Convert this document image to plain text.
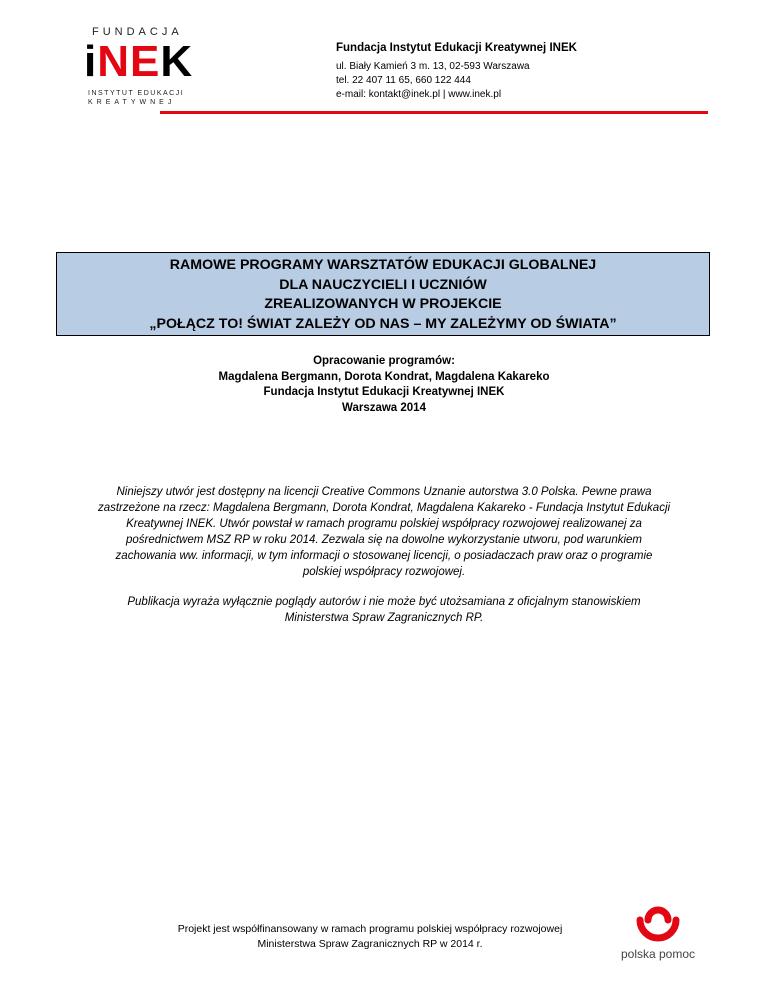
FUNDACJA
iNEK
INSTYTUT EDUKACJI
KREATYWNEJ
Fundacja Instytut Edukacji Kreatywnej INEK
ul. Biały Kamień 3 m. 13, 02-593 Warszawa
tel. 22 407 11 65, 660 122 444
e-mail: kontakt@inek.pl | www.inek.pl
RAMOWE PROGRAMY WARSZTATÓW EDUKACJI GLOBALNEJ
DLA NAUCZYCIELI I UCZNIÓW
ZREALIZOWANYCH W PROJEKCIE
„POŁĄCZ TO! ŚWIAT ZALEŻY OD NAS – MY ZALEŻYMY OD ŚWIATA”
Opracowanie programów:
Magdalena Bergmann, Dorota Kondrat, Magdalena Kakareko
Fundacja Instytut Edukacji Kreatywnej INEK
Warszawa 2014

Niniejszy utwór jest dostępny na licencji Creative Commons Uznanie autorstwa 3.0 Polska. Pewne prawa
zastrzeżone na rzecz: Magdalena Bergmann, Dorota Kondrat, Magdalena Kakareko - Fundacja Instytut Edukacji
Kreatywnej INEK. Utwór powstał w ramach programu polskiej współpracy rozwojowej realizowanej za
pośrednictwem MSZ RP w roku 2014. Zezwala się na dowolne wykorzystanie utworu, pod warunkiem
zachowania ww. informacji, w tym informacji o stosowanej licencji, o posiadaczach praw oraz o programie
polskiej współpracy rozwojowej.

Publikacja wyraża wyłącznie poglądy autorów i nie może być utożsamiana z oficjalnym stanowiskiem
Ministerstwa Spraw Zagranicznych RP.

Projekt jest współfinansowany w ramach programu polskiej współpracy rozwojowej
Ministerstwa Spraw Zagranicznych RP w 2014 r.
polska pomoc
